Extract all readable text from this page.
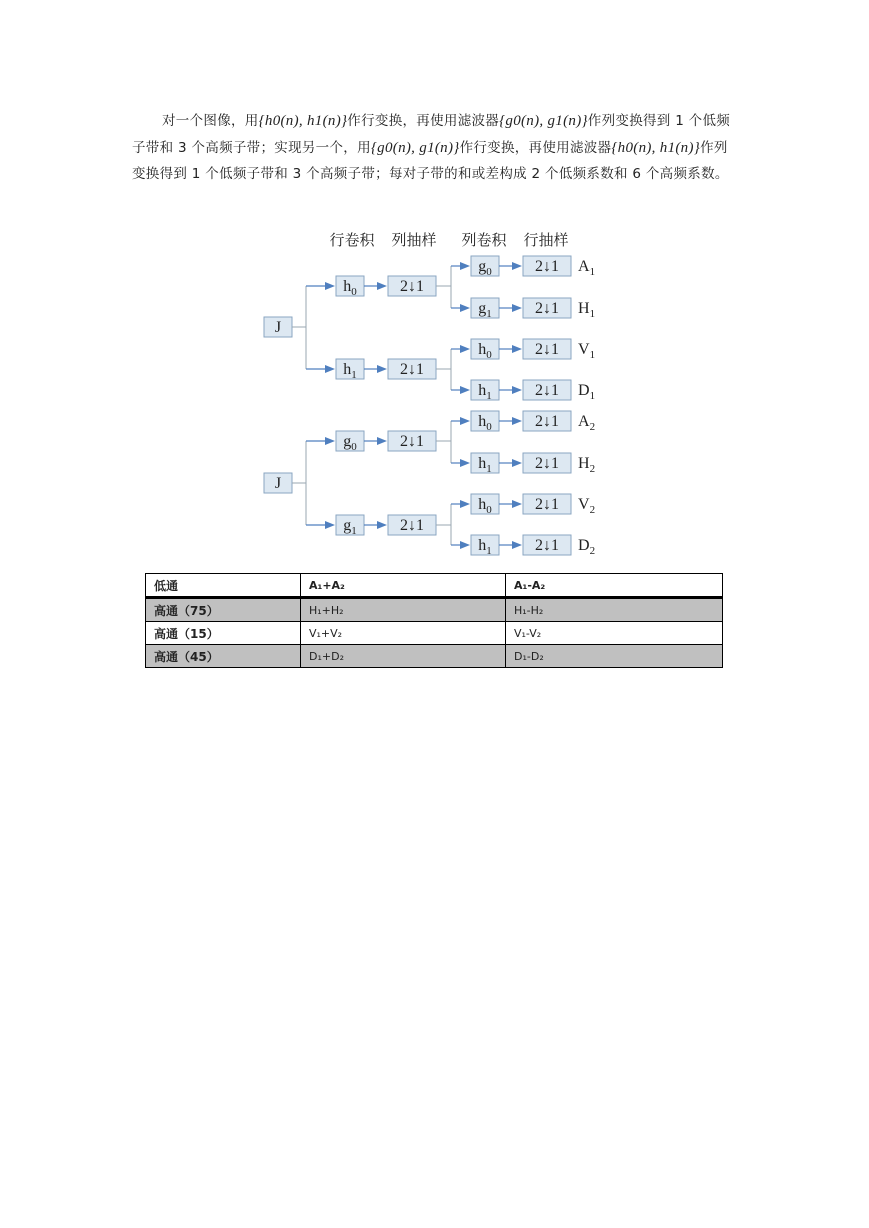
对一个图像，用{h0(n), h1(n)}作行变换，再使用滤波器{g0(n), g1(n)}作列变换得到 1 个低频子带和 3 个高频子带；实现另一个，用{g0(n), g1(n)}作行变换，再使用滤波器{h0(n), h1(n)}作列变换得到 1 个低频子带和 3 个高频子带；每对子带的和或差构成 2 个低频系数和 6 个高频系数。
行卷积 列抽样 列卷积 行抽样
J
$h_0$	2↓1
$g_0$	2↓1 $A_1$
$g_1$	2↓1 $H_1$
$h_1$	2↓1
$h_0$	2↓1 $V_1$
$h_1$	2↓1 $D_1$
J
$g_0$	2↓1
$h_0$	2↓1 $A_2$
$h_1$	2↓1 $H_2$
$g_1$	2↓1
$h_0$	2↓1 $V_2$
$h_1$	2↓1 $D_2$
低通	A₁+A₂	A₁-A₂
高通（75）	H₁+H₂	H₁-H₂
高通（15）	V₁+V₂	V₁-V₂
高通（45）	D₁+D₂	D₁-D₂
